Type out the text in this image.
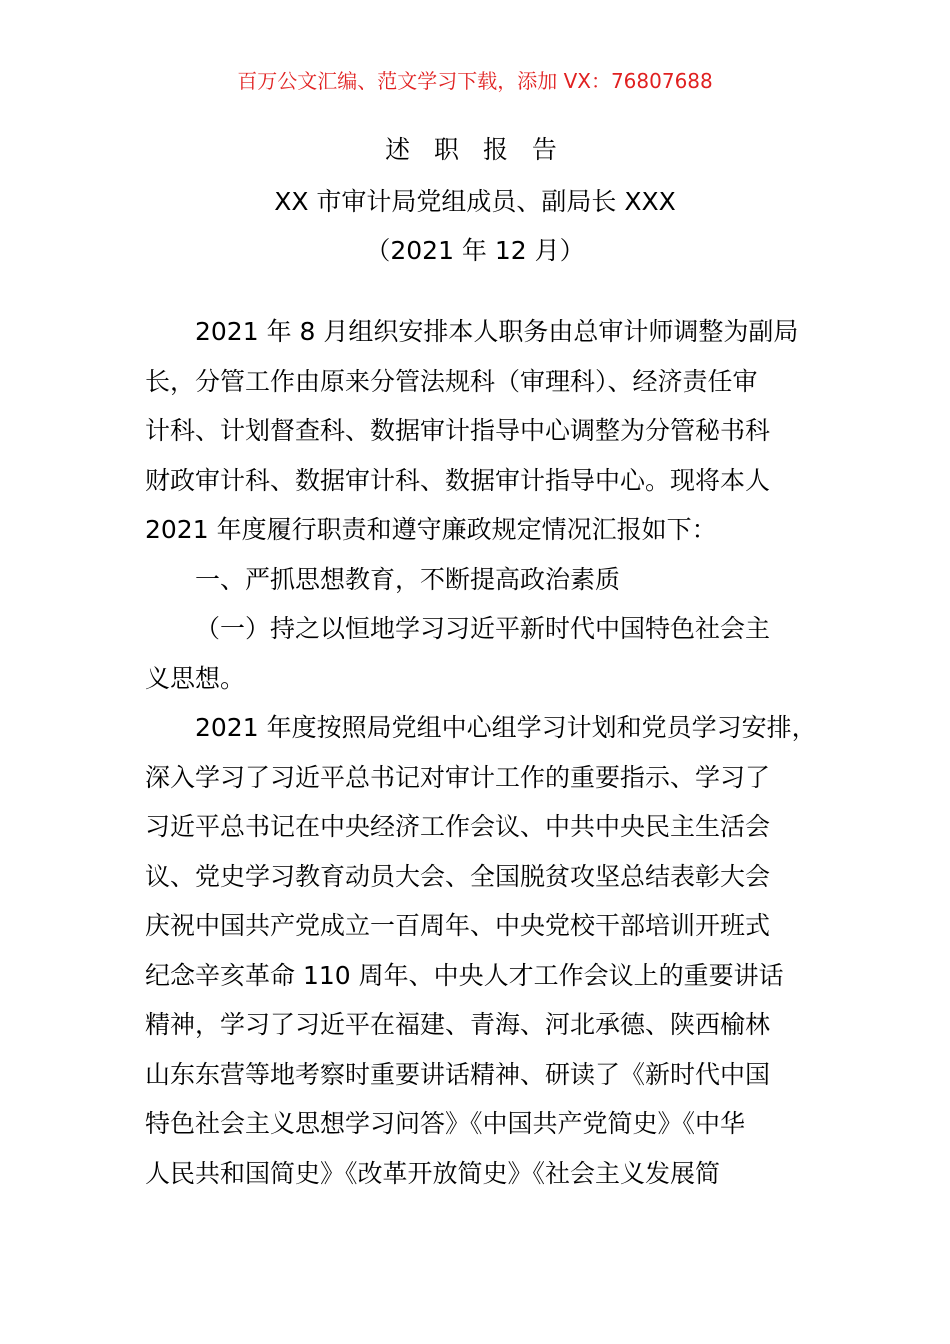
百万公文汇编、范文学习下载，添加 VX：76807688
述 职 报 告
XX 市审计局党组成员、副局长 XXX
（2021 年 12 月）
2021 年 8 月组织安排本人职务由总审计师调整为副局
长，分管工作由原来分管法规科（审理科）、经济责任审
计科、计划督查科、数据审计指导中心调整为分管秘书科
财政审计科、数据审计科、数据审计指导中心。现将本人
2021 年度履行职责和遵守廉政规定情况汇报如下：
一、严抓思想教育，不断提高政治素质
（一）持之以恒地学习习近平新时代中国特色社会主
义思想。
2021 年度按照局党组中心组学习计划和党员学习安排，
深入学习了习近平总书记对审计工作的重要指示、学习了
习近平总书记在中央经济工作会议、中共中央民主生活会
议、党史学习教育动员大会、全国脱贫攻坚总结表彰大会
庆祝中国共产党成立一百周年、中央党校干部培训开班式
纪念辛亥革命 110 周年、中央人才工作会议上的重要讲话
精神，学习了习近平在福建、青海、河北承德、陕西榆林
山东东营等地考察时重要讲话精神、研读了《新时代中国
特色社会主义思想学习问答》《中国共产党简史》《中华
人民共和国简史》《改革开放简史》《社会主义发展简
